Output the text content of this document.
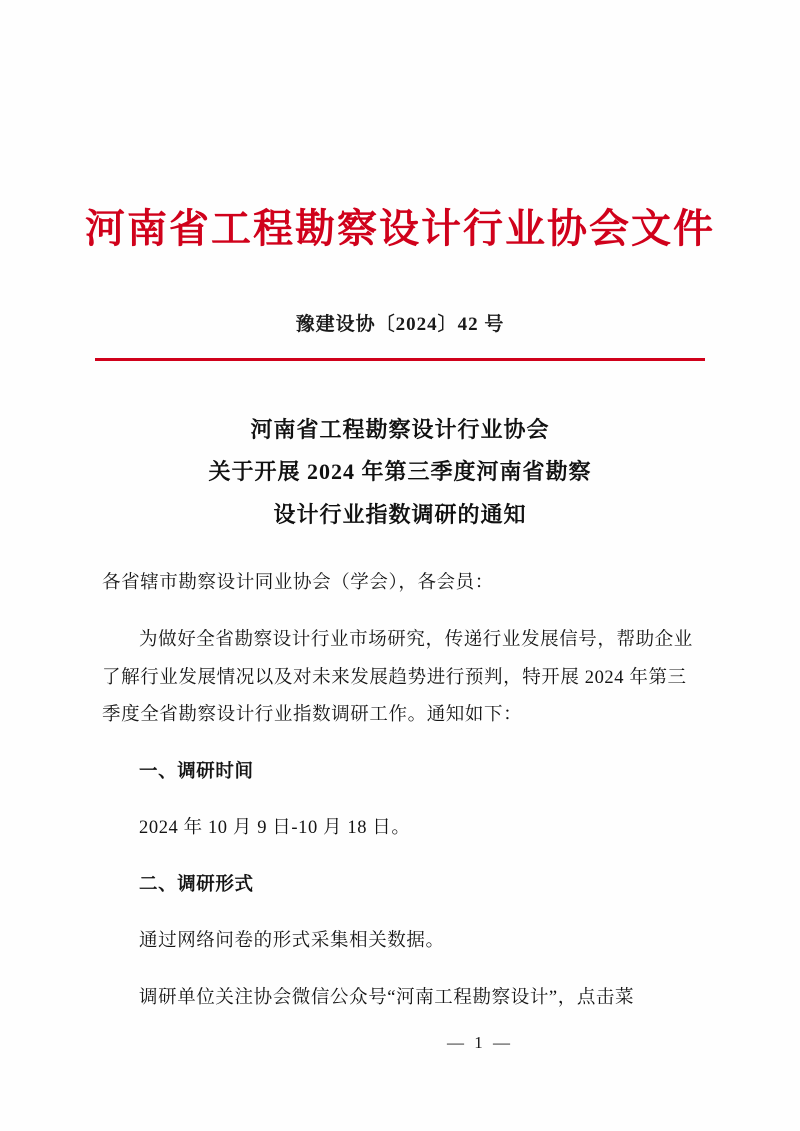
河南省工程勘察设计行业协会文件
豫建设协〔2024〕42 号
河南省工程勘察设计行业协会
关于开展 2024 年第三季度河南省勘察
设计行业指数调研的通知

各省辖市勘察设计同业协会（学会），各会员：

为做好全省勘察设计行业市场研究，传递行业发展信号，帮助企业了解行业发展情况以及对未来发展趋势进行预判，特开展 2024 年第三季度全省勘察设计行业指数调研工作。通知如下：

一、调研时间

2024 年 10 月 9 日-10 月 18 日。

二、调研形式

通过网络问卷的形式采集相关数据。

调研单位关注协会微信公众号“河南工程勘察设计”，点击菜

— 1 —
